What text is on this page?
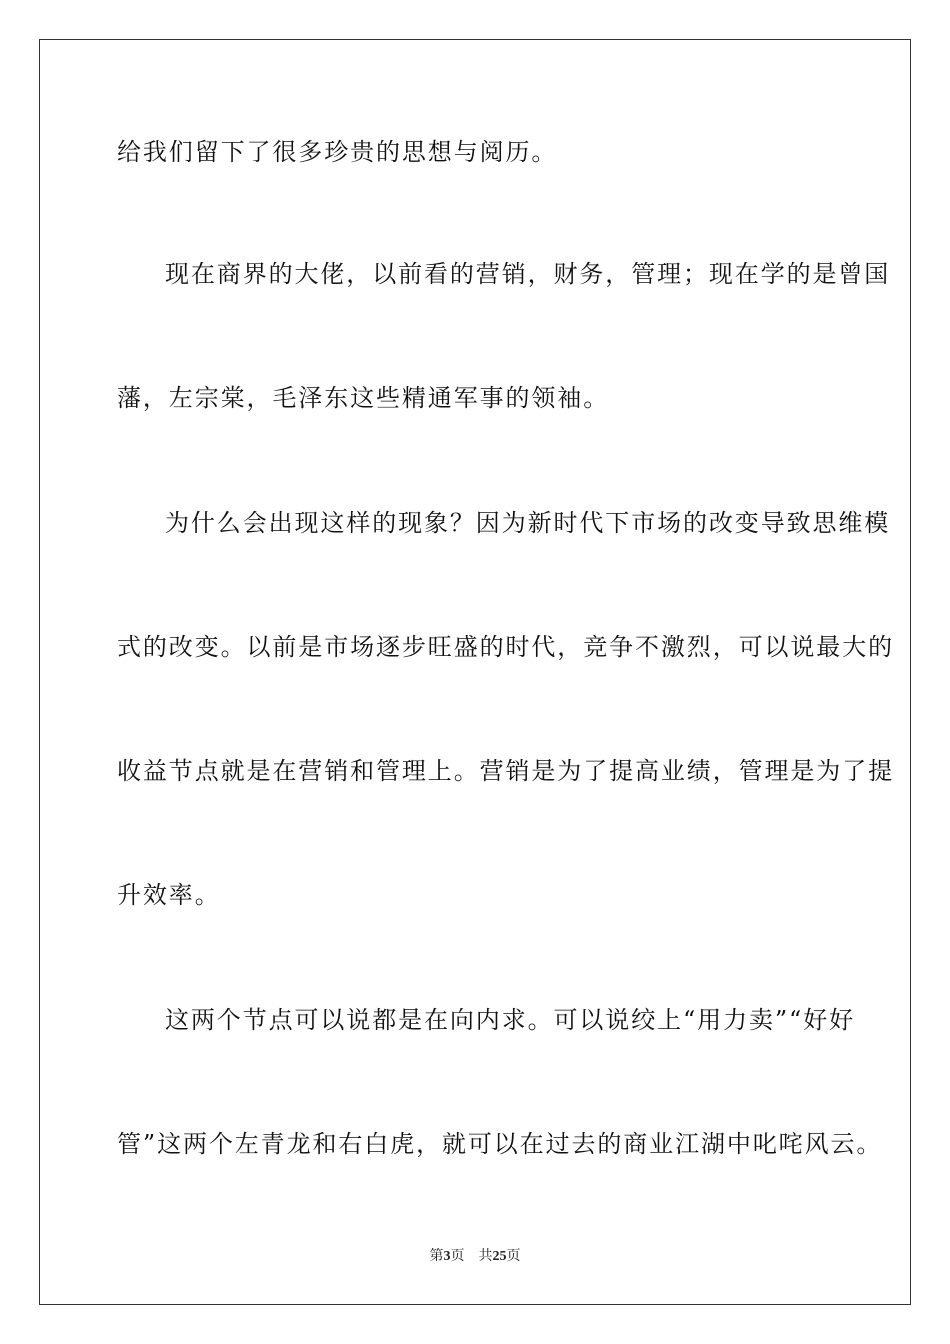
给我们留下了很多珍贵的思想与阅历。
现在商界的大佬，以前看的营销，财务，管理；现在学的是曾国
藩，左宗棠，毛泽东这些精通军事的领袖。
为什么会出现这样的现象？因为新时代下市场的改变导致思维模
式的改变。以前是市场逐步旺盛的时代，竞争不激烈，可以说最大的
收益节点就是在营销和管理上。营销是为了提高业绩，管理是为了提
升效率。
这两个节点可以说都是在向内求。可以说绞上“用力卖”“好好
管”这两个左青龙和右白虎，就可以在过去的商业江湖中叱咤风云。
第3页 共25页
